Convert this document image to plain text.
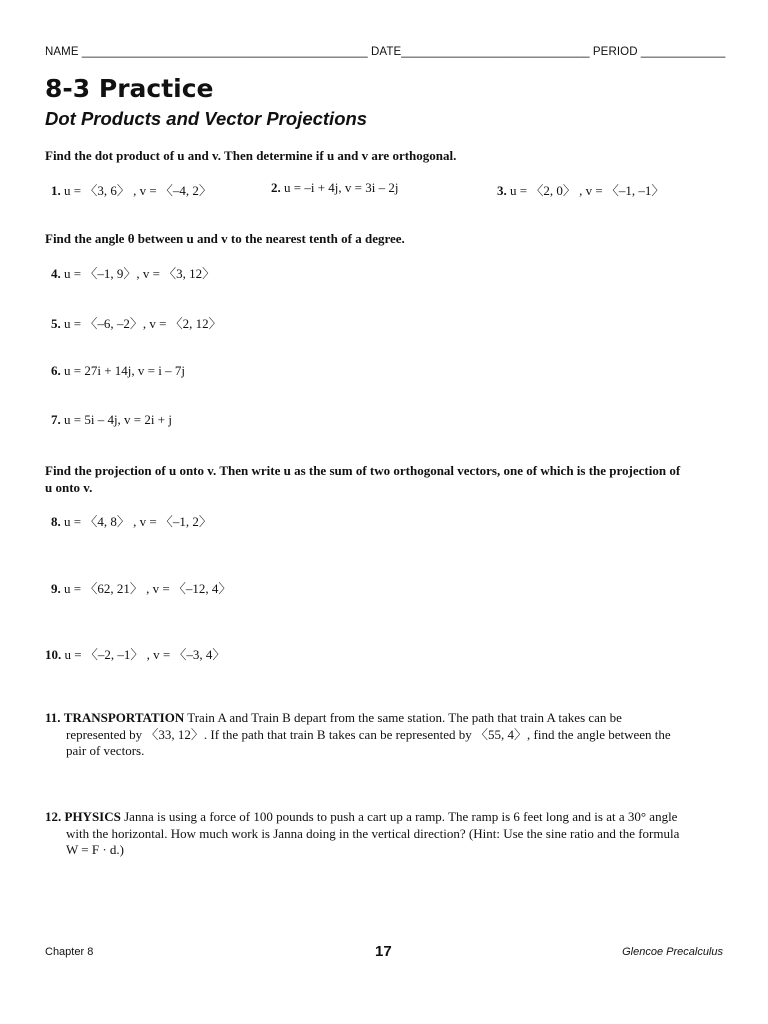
NAME ____________________________________________ DATE_____________________________ PERIOD _____________
8-3 Practice
Dot Products and Vector Projections
Find the dot product of u and v. Then determine if u and v are orthogonal.
1. u = 〈3, 6〉 , v = 〈–4, 2〉	2. u = –i + 4j, v = 3i – 2j	3. u = 〈2, 0〉 , v = 〈–1, –1〉
Find the angle θ between u and v to the nearest tenth of a degree.
4. u = 〈–1, 9〉, v = 〈3, 12〉
5. u = 〈–6, –2〉, v = 〈2, 12〉
6. u = 27i + 14j, v = i – 7j
7. u = 5i – 4j, v = 2i + j
Find the projection of u onto v. Then write u as the sum of two orthogonal vectors, one of which is the projection of u onto v.
8. u = 〈4, 8〉 , v = 〈–1, 2〉
9. u = 〈62, 21〉 , v = 〈–12, 4〉
10. u = 〈–2, –1〉 , v = 〈–3, 4〉
11. TRANSPORTATION Train A and Train B depart from the same station. The path that train A takes can be
represented by 〈33, 12〉. If the path that train B takes can be represented by 〈55, 4〉, find the angle between the
pair of vectors.
12. PHYSICS Janna is using a force of 100 pounds to push a cart up a ramp. The ramp is 6 feet long and is at a 30° angle
with the horizontal. How much work is Janna doing in the vertical direction? (Hint: Use the sine ratio and the formula
W = F · d.)
Chapter 8	17	Glencoe Precalculus
